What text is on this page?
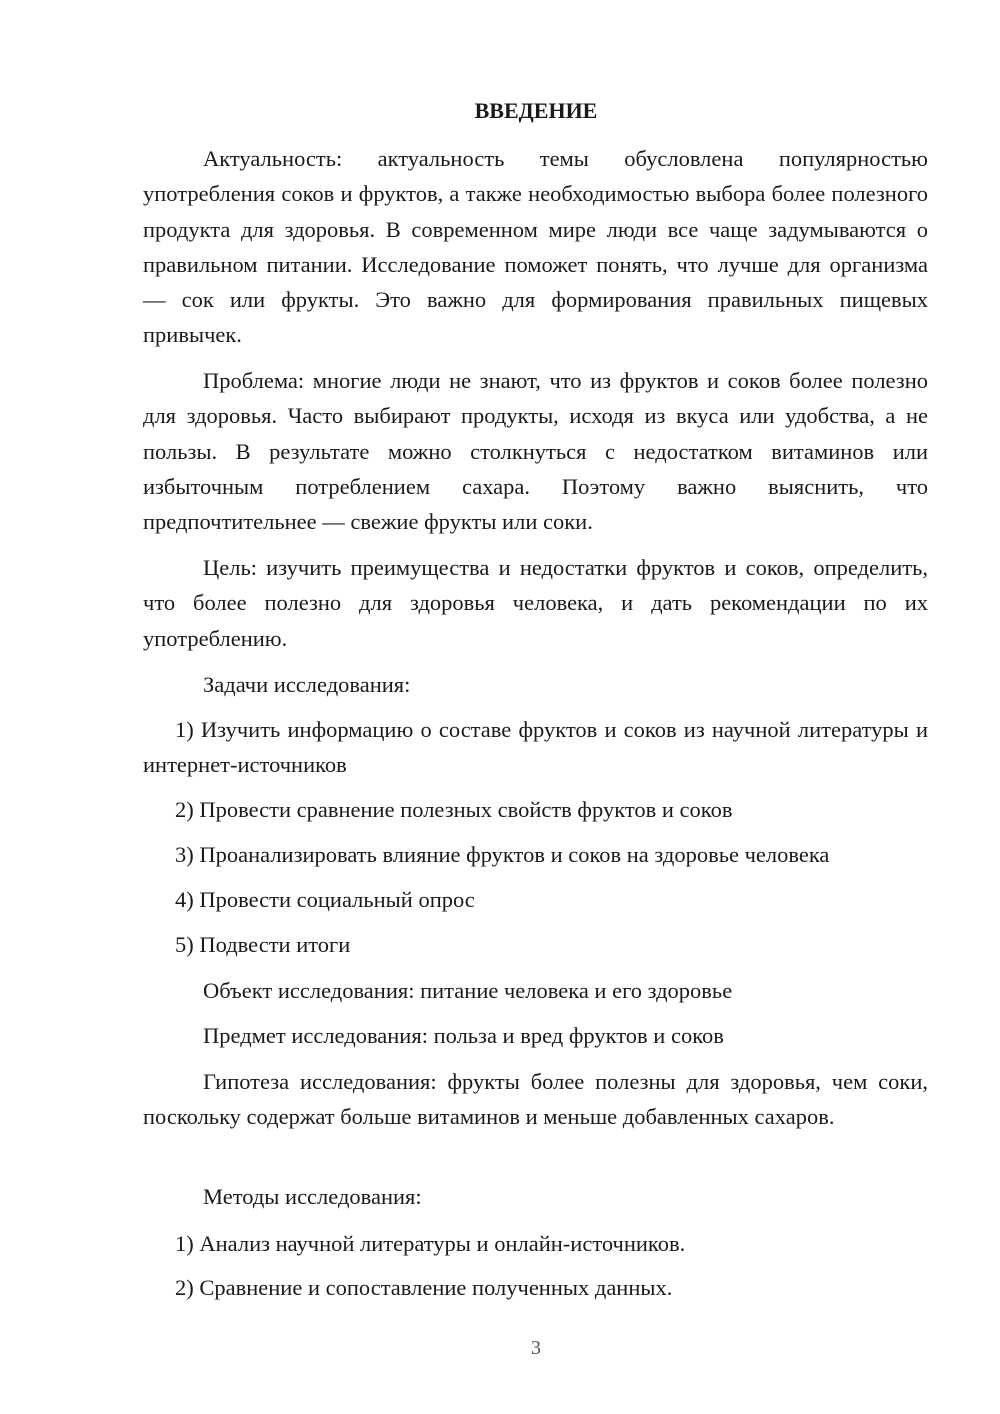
ВВЕДЕНИЕ

Актуальность: актуальность темы обусловлена популярностью употребления соков и фруктов, а также необходимостью выбора более полезного продукта для здоровья. В современном мире люди все чаще задумываются о правильном питании. Исследование поможет понять, что лучше для организма — сок или фрукты. Это важно для формирования правильных пищевых привычек.

Проблема: многие люди не знают, что из фруктов и соков более полезно для здоровья. Часто выбирают продукты, исходя из вкуса или удобства, а не пользы. В результате можно столкнуться с недостатком витаминов или избыточным потреблением сахара. Поэтому важно выяснить, что предпочтительнее — свежие фрукты или соки.

Цель: изучить преимущества и недостатки фруктов и соков, определить, что более полезно для здоровья человека, и дать рекомендации по их употреблению.

Задачи исследования:

1) Изучить информацию о составе фруктов и соков из научной литературы и интернет-источников

2) Провести сравнение полезных свойств фруктов и соков

3) Проанализировать влияние фруктов и соков на здоровье человека

4) Провести социальный опрос

5) Подвести итоги

Объект исследования: питание человека и его здоровье

Предмет исследования: польза и вред фруктов и соков

Гипотеза исследования: фрукты более полезны для здоровья, чем соки, поскольку содержат больше витаминов и меньше добавленных сахаров.

Методы исследования:

1) Анализ научной литературы и онлайн-источников.

2) Сравнение и сопоставление полученных данных.

3
